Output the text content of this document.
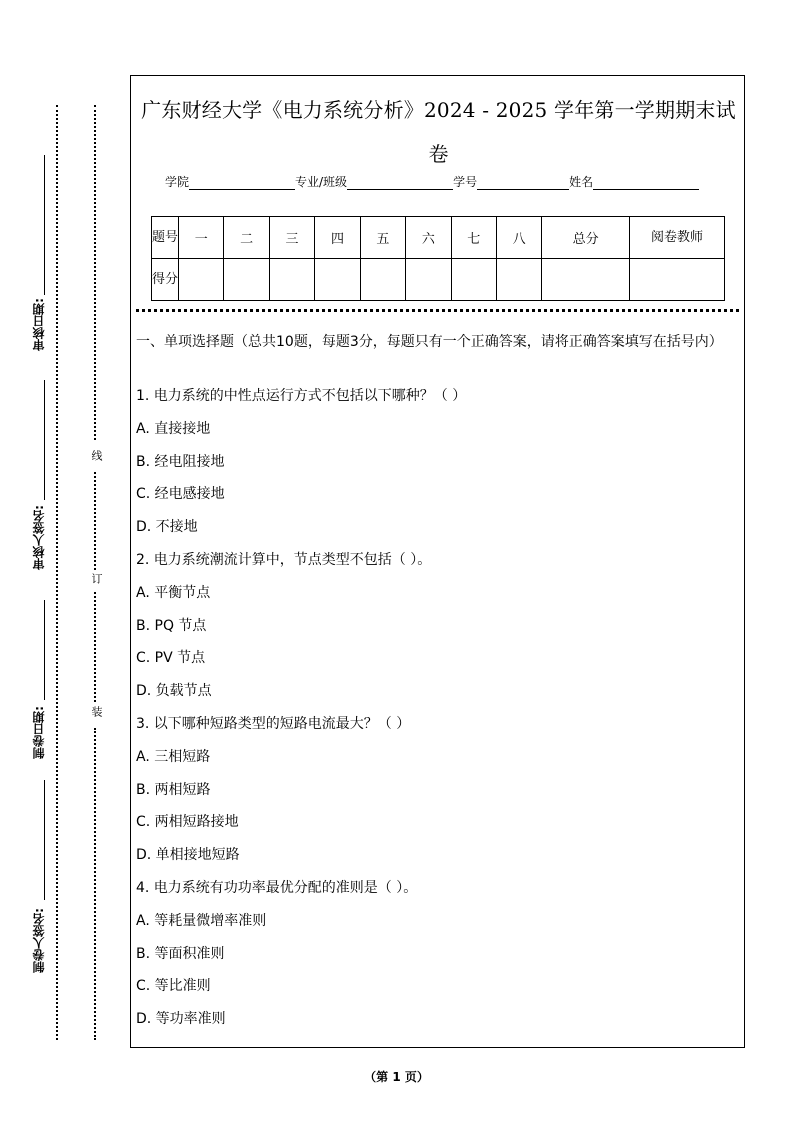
审核日期:
审核人签名:
制卷日期:
制卷人签名:
线
订
装
广东财经大学《电力系统分析》2024 - 2025 学年第一学期期末试
卷
学院	专业/班级	学号	姓名
题号	一	二	三	四	五	六	七	八	总分	阅卷教师
得分										
一、单项选择题（总共10题，每题3分，每题只有一个正确答案，请将正确答案填写在括号内）
1. 电力系统的中性点运行方式不包括以下哪种？（ ）
A. 直接接地
B. 经电阻接地
C. 经电感接地
D. 不接地
2. 电力系统潮流计算中，节点类型不包括（ ）。
A. 平衡节点
B. PQ 节点
C. PV 节点
D. 负载节点
3. 以下哪种短路类型的短路电流最大？（ ）
A. 三相短路
B. 两相短路
C. 两相短路接地
D. 单相接地短路
4. 电力系统有功功率最优分配的准则是（ ）。
A. 等耗量微增率准则
B. 等面积准则
C. 等比准则
D. 等功率准则
（第 1 页）
